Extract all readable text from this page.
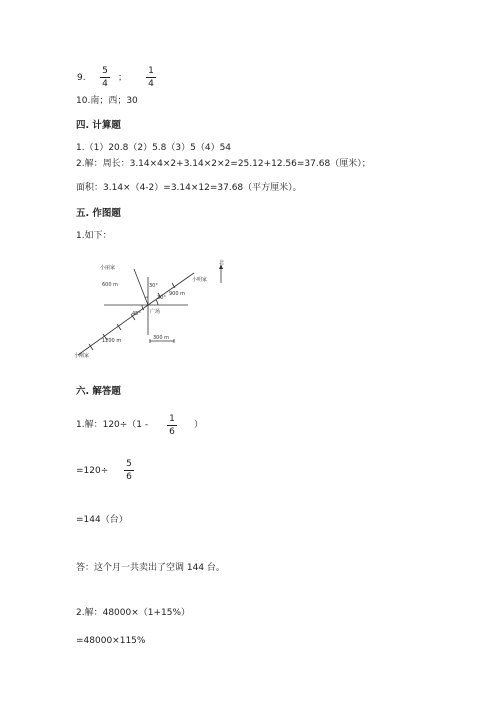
9.
5
4
；
1
4
10.南；西；30
四. 计算题
1.（1）20.8（2）5.8（3）5（4）54
2.解：周长：3.14×4×2+3.14×2×2=25.12+12.56=37.68（厘米）；
面积：3.14×（4-2）=3.14×12=37.68（平方厘米）。
五. 作图题
1.如下：
小丽家
小明家
小刚家
北
广场
600 m
900 m
1200 m
30°
30°
45°
300 m
六. 解答题
1.解：120÷（1 -
1
6
）
=120÷
5
6
=144（台）
答：这个月一共卖出了空调 144 台。
2.解：48000×（1+15%）
=48000×115%
